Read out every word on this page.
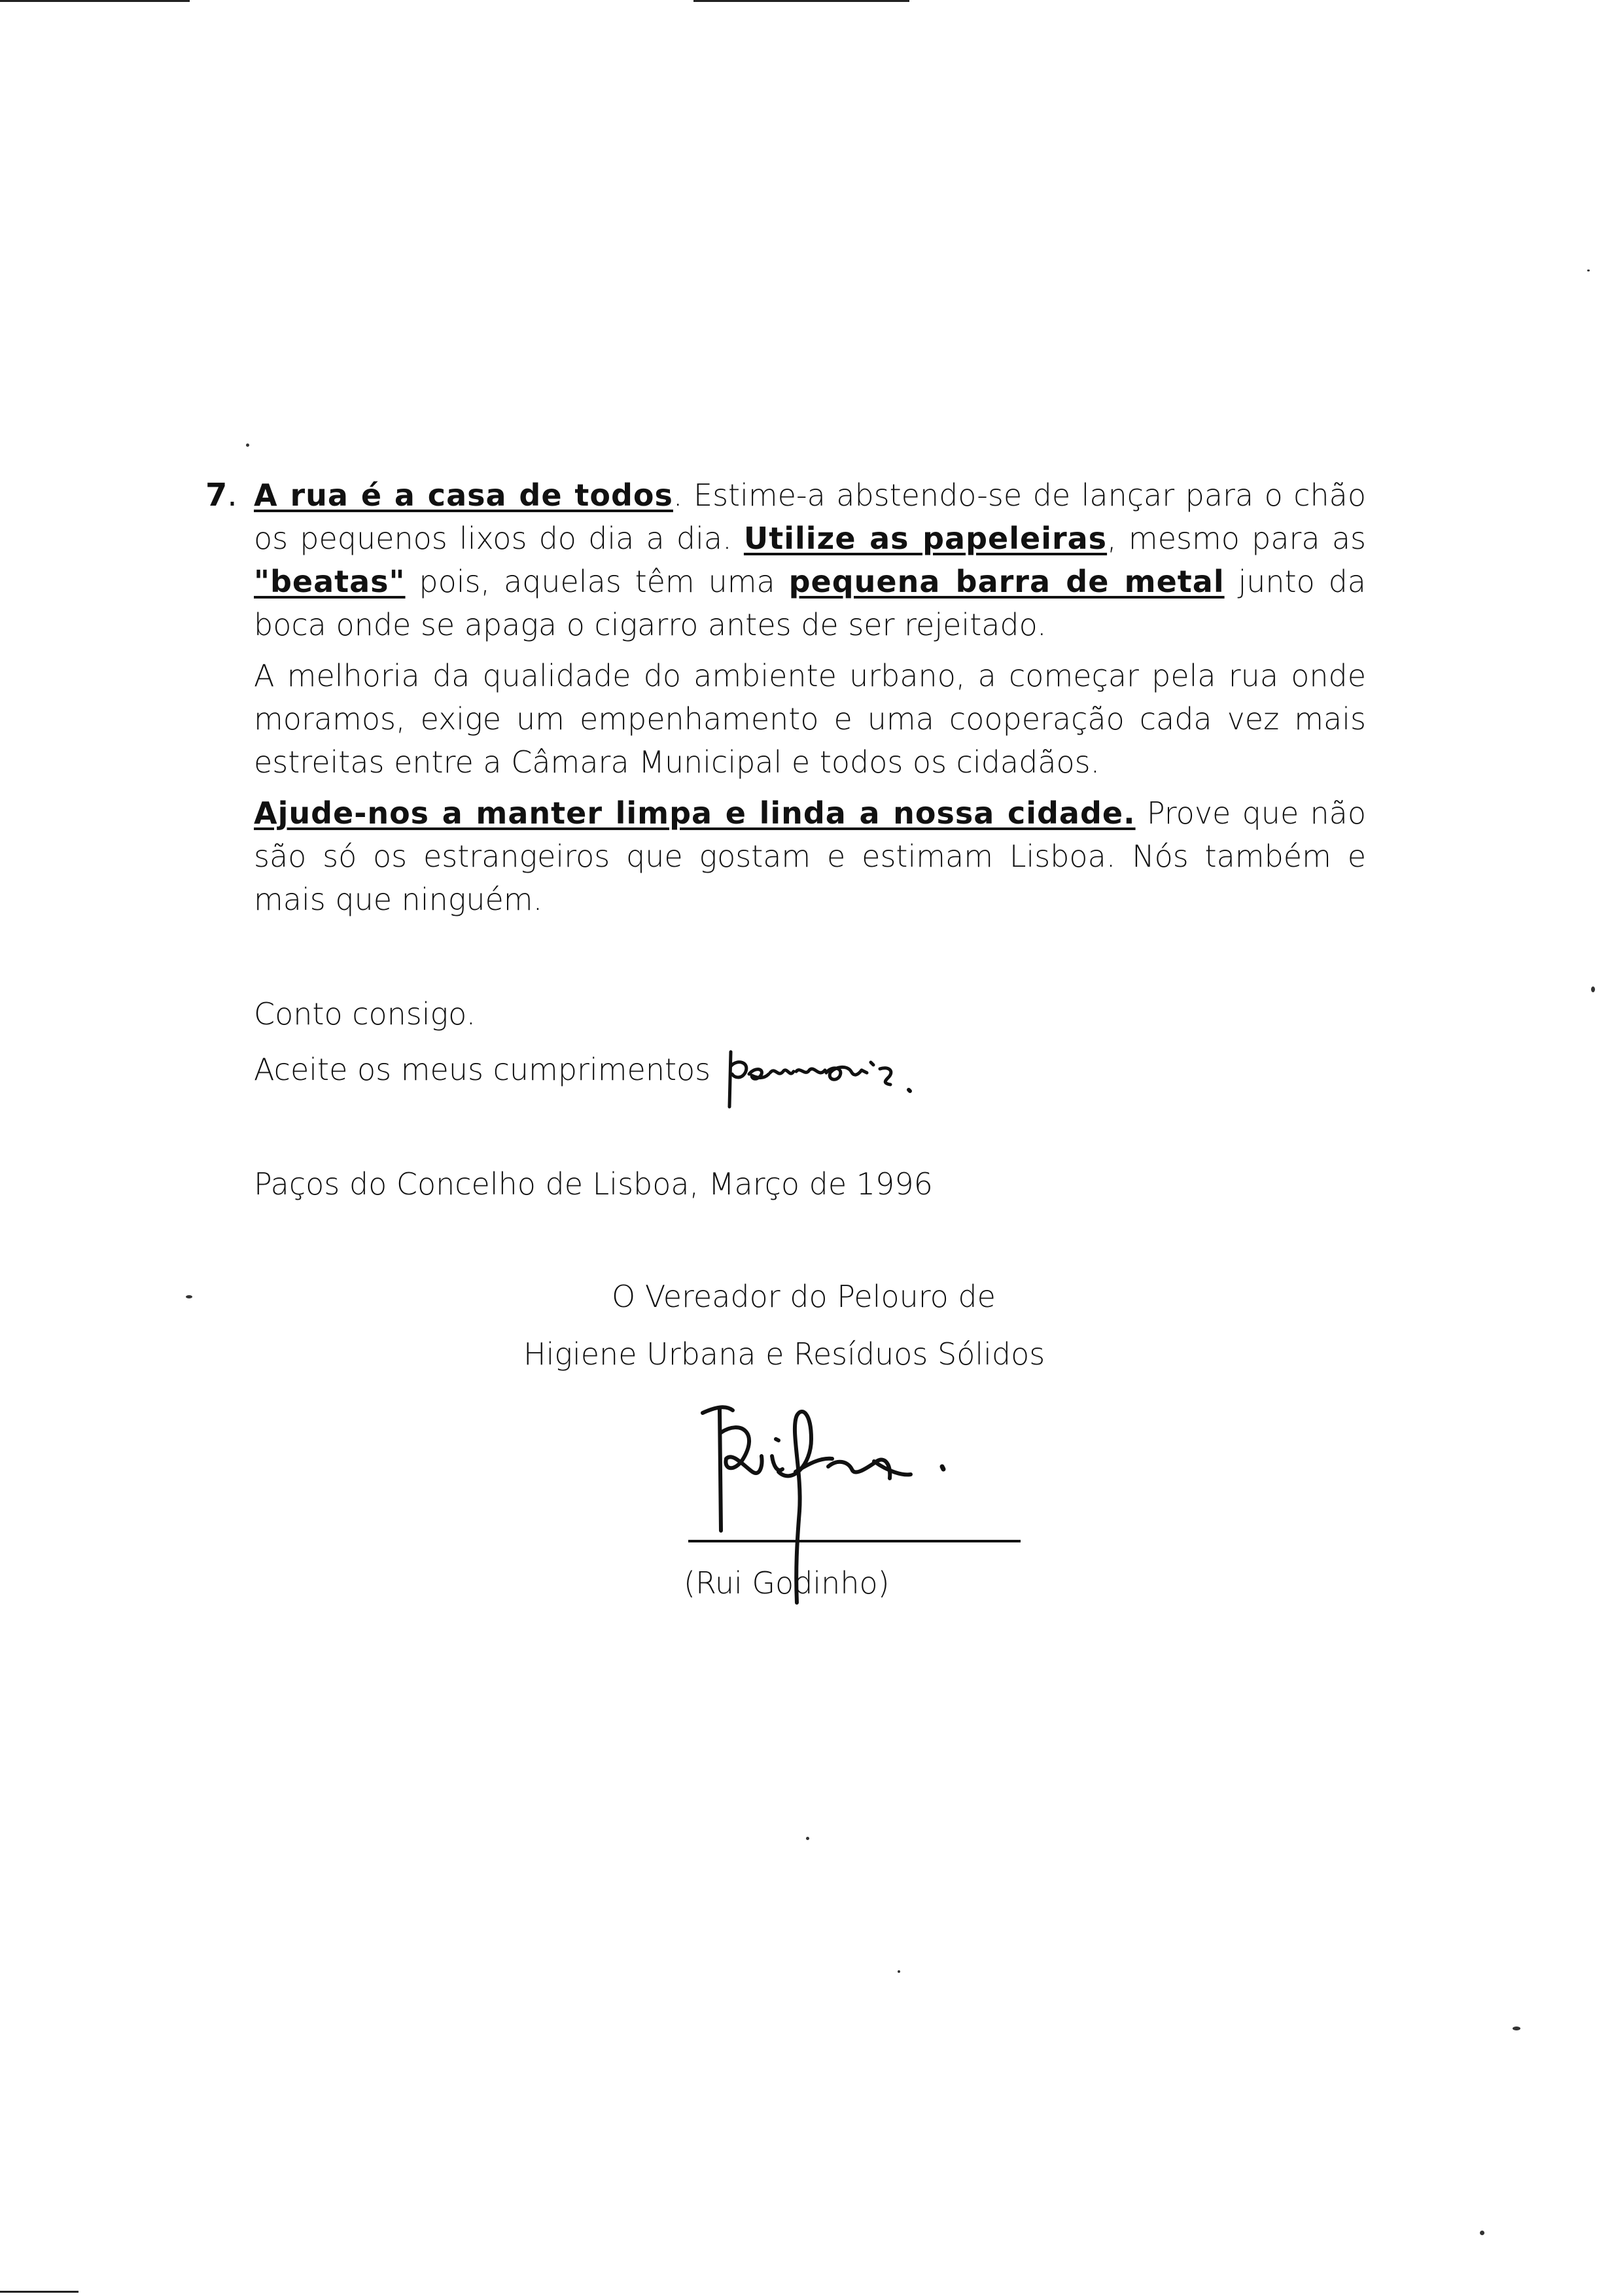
7. A rua é a casa de todos. Estime-a abstendo-se de lançar para o chão os pequenos lixos do dia a dia. Utilize as papeleiras, mesmo para as "beatas" pois, aquelas têm uma pequena barra de metal junto da boca onde se apaga o cigarro antes de ser rejeitado.

A melhoria da qualidade do ambiente urbano, a começar pela rua onde moramos, exige um empenhamento e uma cooperação cada vez mais estreitas entre a Câmara Municipal e todos os cidadãos.

Ajude-nos a manter limpa e linda a nossa cidade. Prove que não são só os estrangeiros que gostam e estimam Lisboa. Nós também e mais que ninguém.

Conto consigo.
Aceite os meus cumprimentos
Paços do Concelho de Lisboa, Março de 1996
O Vereador do Pelouro de
Higiene Urbana e Resíduos Sólidos
(Rui Godinho)
